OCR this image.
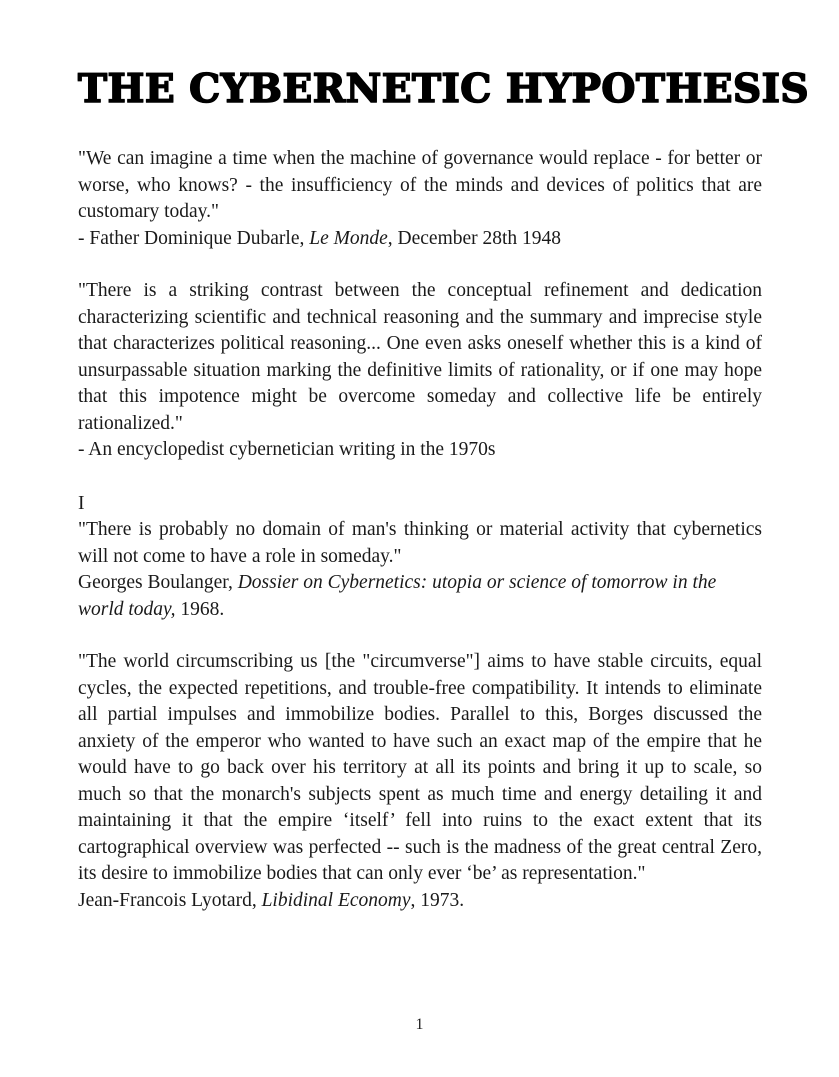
THE CYBERNETIC HYPOTHESIS

"We can imagine a time when the machine of governance would replace - for better or worse, who knows? - the insufficiency of the minds and devices of politics that are customary today."

- Father Dominique Dubarle, Le Monde, December 28th 1948

"There is a striking contrast between the conceptual refinement and dedication characterizing scientific and technical reasoning and the summary and imprecise style that characterizes political reasoning... One even asks oneself whether this is a kind of unsurpassable situation marking the definitive limits of rationality, or if one may hope that this impotence might be overcome someday and collective life be entirely rationalized."

- An encyclopedist cybernetician writing in the 1970s

I

"There is probably no domain of man's thinking or material activity that cybernetics will not come to have a role in someday."

Georges Boulanger, Dossier on Cybernetics: utopia or science of tomorrow in the world today, 1968.

"The world circumscribing us [the "circumverse"] aims to have stable circuits, equal cycles, the expected repetitions, and trouble-free compatibility. It intends to eliminate all partial impulses and immobilize bodies. Parallel to this, Borges discussed the anxiety of the emperor who wanted to have such an exact map of the empire that he would have to go back over his territory at all its points and bring it up to scale, so much so that the monarch's subjects spent as much time and energy detailing it and maintaining it that the empire ‘itself’ fell into ruins to the exact extent that its cartographical overview was perfected -- such is the madness of the great central Zero, its desire to immobilize bodies that can only ever ‘be’ as representation."

Jean-Francois Lyotard, Libidinal Economy, 1973.

1
